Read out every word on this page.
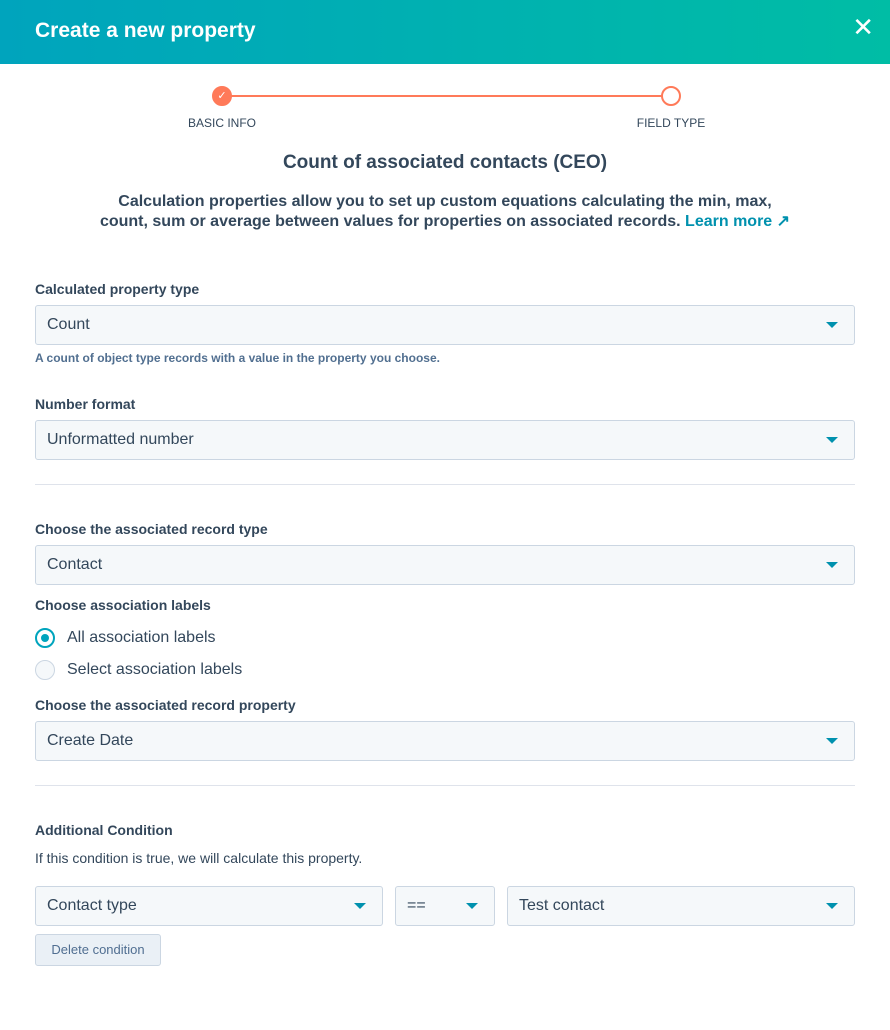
Create a new property	✕
✓
BASIC INFO	FIELD TYPE
Count of associated contacts (CEO)
Calculation properties allow you to set up custom equations calculating the min, max, count, sum or average between values for properties on associated records. Learn more ↗
Calculated property type
Count
A count of object type records with a value in the property you choose.
Number format
Unformatted number
Choose the associated record type
Contact
Choose association labels
All association labels
Select association labels
Choose the associated record property
Create Date
Additional Condition
If this condition is true, we will calculate this property.
Contact type	==	Test contact
Delete condition
